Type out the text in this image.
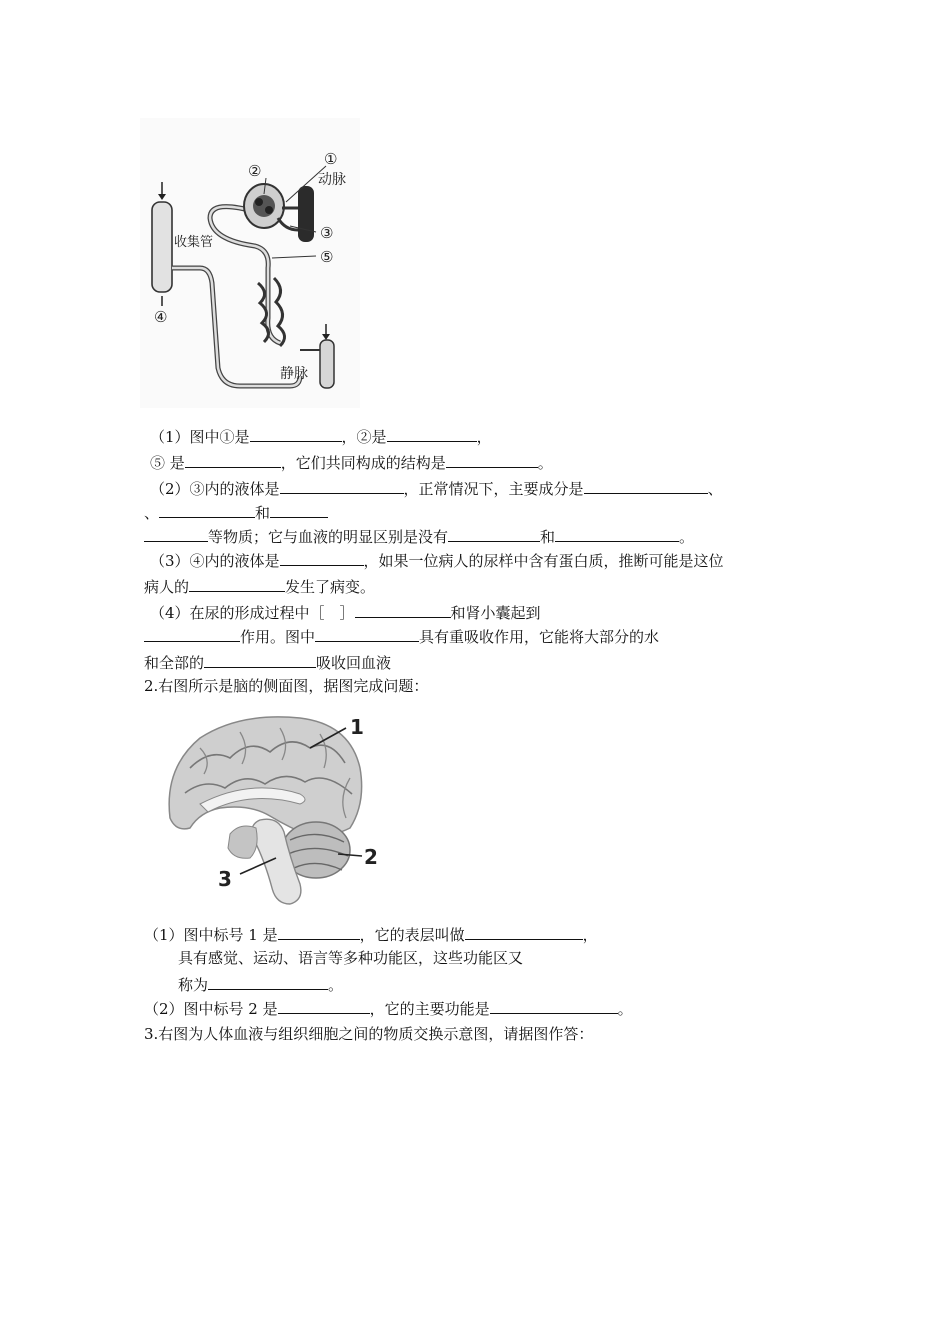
①
动脉
②
③
⑤
收集管
④
静脉
（1）图中①是	，②是	，
⑤ 是	，它们共同构成的结构是	。
（2）③内的液体是	，正常情况下，主要成分是	、
、	和
等物质；它与血液的明显区别是没有	和	。
（3）④内的液体是	，如果一位病人的尿样中含有蛋白质，推断可能是这位
病人的	发生了病变。
（4）在尿的形成过程中［　］	和肾小囊起到
作用。图中	具有重吸收作用，它能将大部分的水
和全部的	吸收回血液
2.右图所示是脑的侧面图，据图完成问题：
1
2
3
（1）图中标号 1 是	，它的表层叫做	，
具有感觉、运动、语言等多种功能区，这些功能区又
称为	。
（2）图中标号 2 是	，它的主要功能是	。
3.右图为人体血液与组织细胞之间的物质交换示意图，请据图作答：
